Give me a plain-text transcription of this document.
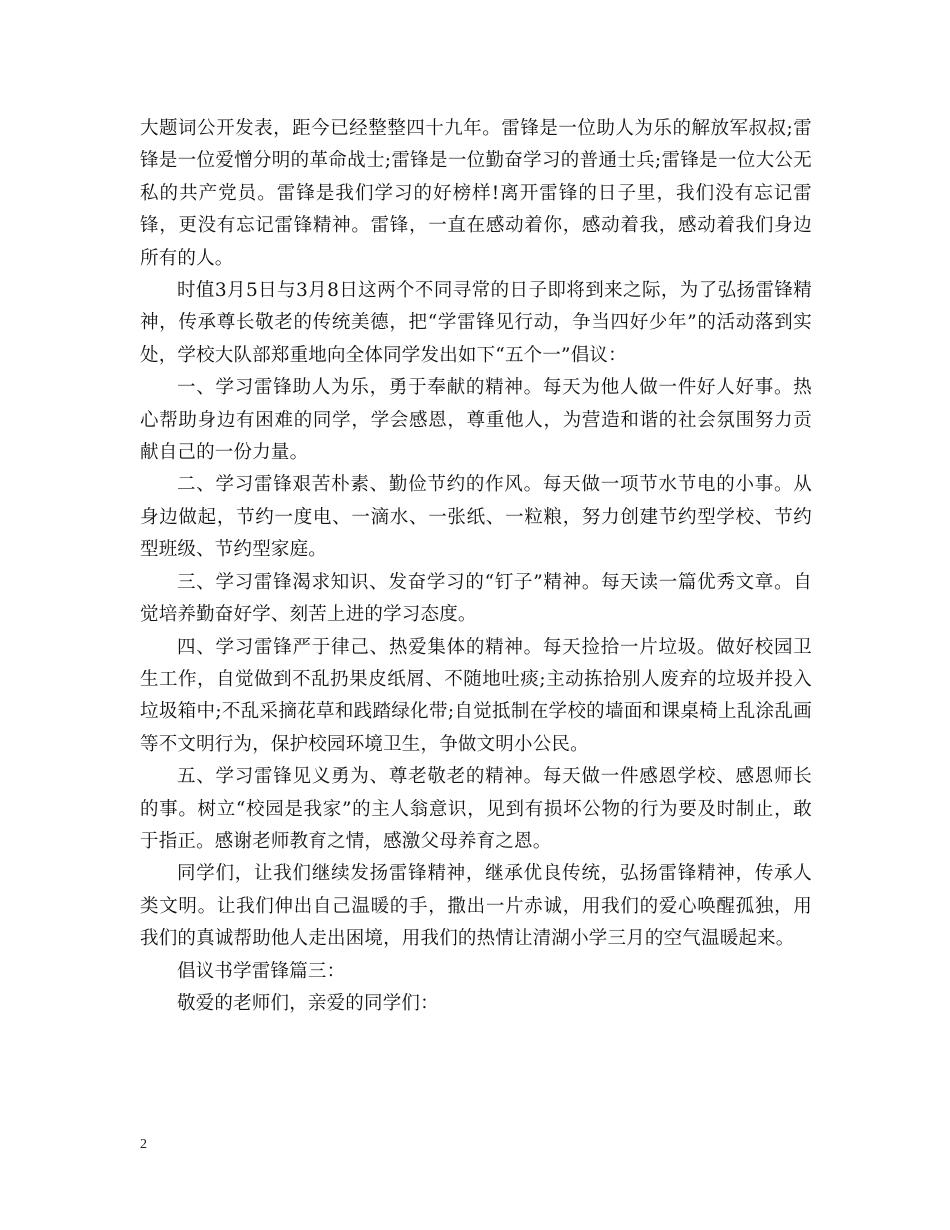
大题词公开发表，距今已经整整四十九年。雷锋是一位助人为乐的解放军叔叔;雷锋是一位爱憎分明的革命战士;雷锋是一位勤奋学习的普通士兵;雷锋是一位大公无私的共产党员。雷锋是我们学习的好榜样!离开雷锋的日子里，我们没有忘记雷锋，更没有忘记雷锋精神。雷锋，一直在感动着你，感动着我，感动着我们身边所有的人。

时值3月5日与3月8日这两个不同寻常的日子即将到来之际，为了弘扬雷锋精神，传承尊长敬老的传统美德，把“学雷锋见行动，争当四好少年”的活动落到实处，学校大队部郑重地向全体同学发出如下“五个一”倡议：

一、学习雷锋助人为乐，勇于奉献的精神。每天为他人做一件好人好事。热心帮助身边有困难的同学，学会感恩，尊重他人，为营造和谐的社会氛围努力贡献自己的一份力量。

二、学习雷锋艰苦朴素、勤俭节约的作风。每天做一项节水节电的小事。从身边做起，节约一度电、一滴水、一张纸、一粒粮，努力创建节约型学校、节约型班级、节约型家庭。

三、学习雷锋渴求知识、发奋学习的“钉子”精神。每天读一篇优秀文章。自觉培养勤奋好学、刻苦上进的学习态度。

四、学习雷锋严于律己、热爱集体的精神。每天捡拾一片垃圾。做好校园卫生工作，自觉做到不乱扔果皮纸屑、不随地吐痰;主动拣拾别人废弃的垃圾并投入垃圾箱中;不乱采摘花草和践踏绿化带;自觉抵制在学校的墙面和课桌椅上乱涂乱画等不文明行为，保护校园环境卫生，争做文明小公民。

五、学习雷锋见义勇为、尊老敬老的精神。每天做一件感恩学校、感恩师长的事。树立“校园是我家”的主人翁意识，见到有损坏公物的行为要及时制止，敢于指正。感谢老师教育之情，感激父母养育之恩。

同学们，让我们继续发扬雷锋精神，继承优良传统，弘扬雷锋精神，传承人类文明。让我们伸出自己温暖的手，撒出一片赤诚，用我们的爱心唤醒孤独，用我们的真诚帮助他人走出困境，用我们的热情让清湖小学三月的空气温暖起来。

倡议书学雷锋篇三：

敬爱的老师们，亲爱的同学们：

2
